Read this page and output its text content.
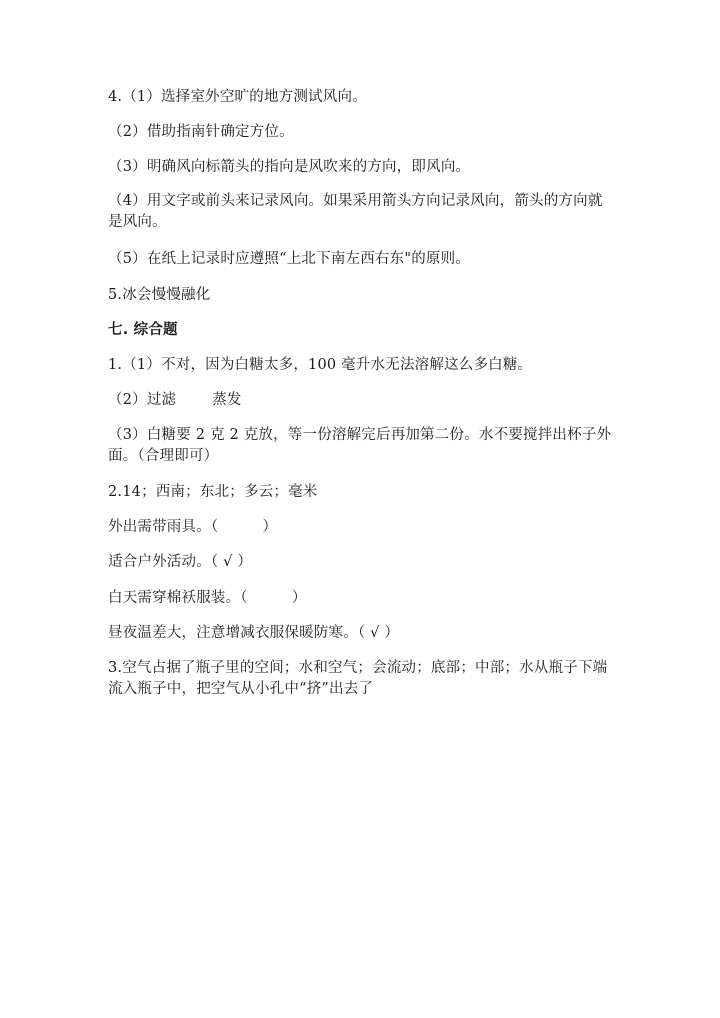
4.（1）选择室外空旷的地方测试风向。
（2）借助指南针确定方位。
（3）明确风向标箭头的指向是风吹来的方向，即风向。
（4）用文字或前头来记录风向。如果采用箭头方向记录风向，箭头的方向就是风向。
（5）在纸上记录时应遵照“上北下南左西右东"的原则。
5.冰会慢慢融化
七. 综合题
1.（1）不对，因为白糖太多，100 毫升水无法溶解这么多白糖。
（2）过滤 蒸发
（3）白糖要 2 克 2 克放，等一份溶解完后再加第二份。水不要搅拌出杯子外面。（合理即可）
2.14；西南；东北；多云；毫米
外出需带雨具。（　　　）
适合户外活动。（ √ ）
白天需穿棉袄服装。（　　　）
昼夜温差大，注意增减衣服保暖防寒。（ √ ）
3.空气占据了瓶子里的空间；水和空气；会流动；底部；中部；水从瓶子下端流入瓶子中，把空气从小孔中“挤”出去了
